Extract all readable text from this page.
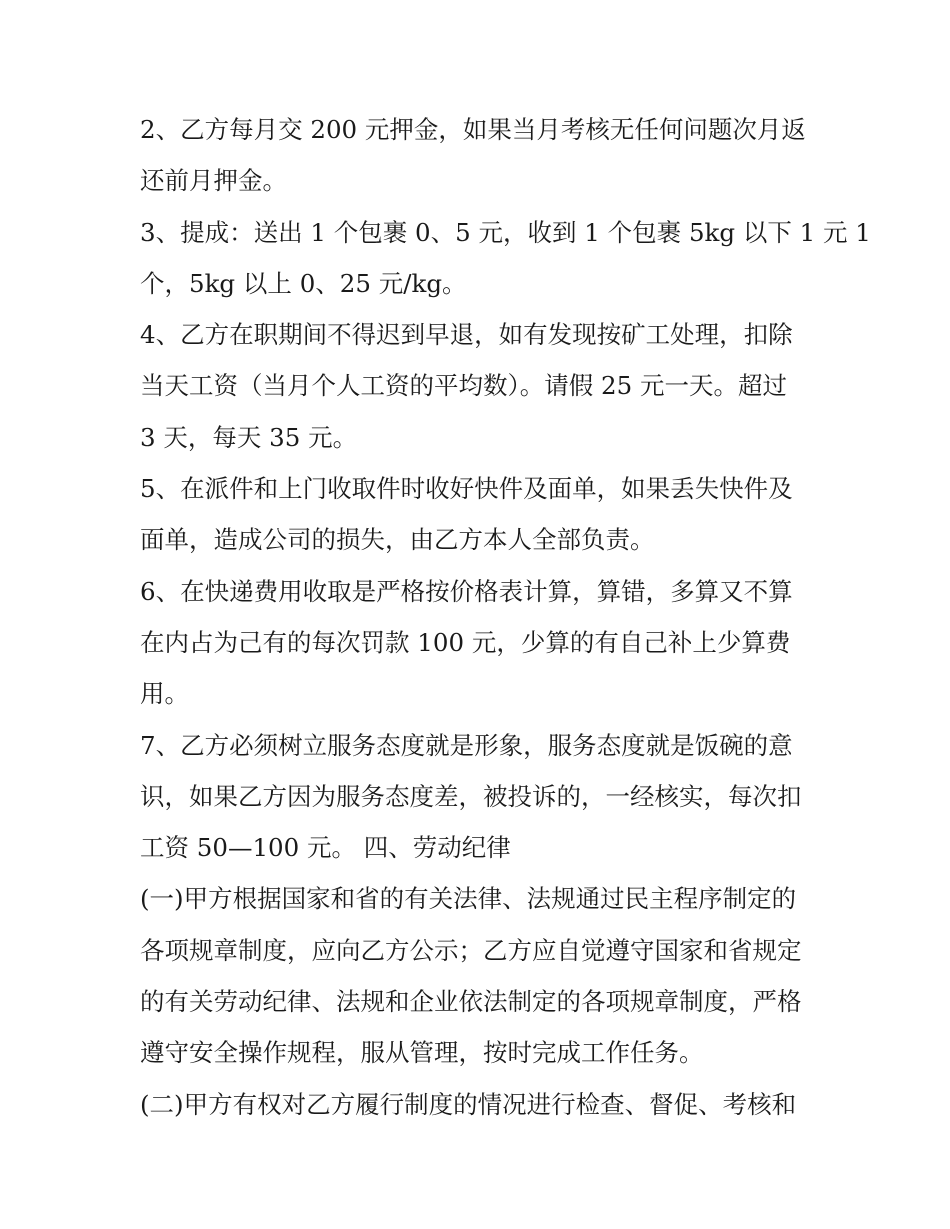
2、乙方每月交 200 元押金，如果当月考核无任何问题次月返
还前月押金。

3、提成：送出 1 个包裹 0、5 元，收到 1 个包裹 5kg 以下 1 元 1
个，5kg 以上 0、25 元/kg。

4、乙方在职期间不得迟到早退，如有发现按矿工处理，扣除
当天工资（当月个人工资的平均数）。请假 25 元一天。超过
3 天，每天 35 元。

5、在派件和上门收取件时收好快件及面单，如果丢失快件及
面单，造成公司的损失，由乙方本人全部负责。

6、在快递费用收取是严格按价格表计算，算错，多算又不算
在内占为己有的每次罚款 100 元，少算的有自己补上少算费
用。

7、乙方必须树立服务态度就是形象，服务态度就是饭碗的意
识，如果乙方因为服务态度差，被投诉的，一经核实，每次扣
工资 50—100 元。 四、劳动纪律

(一)甲方根据国家和省的有关法律、法规通过民主程序制定的
各项规章制度，应向乙方公示；乙方应自觉遵守国家和省规定
的有关劳动纪律、法规和企业依法制定的各项规章制度，严格
遵守安全操作规程，服从管理，按时完成工作任务。

(二)甲方有权对乙方履行制度的情况进行检查、督促、考核和
